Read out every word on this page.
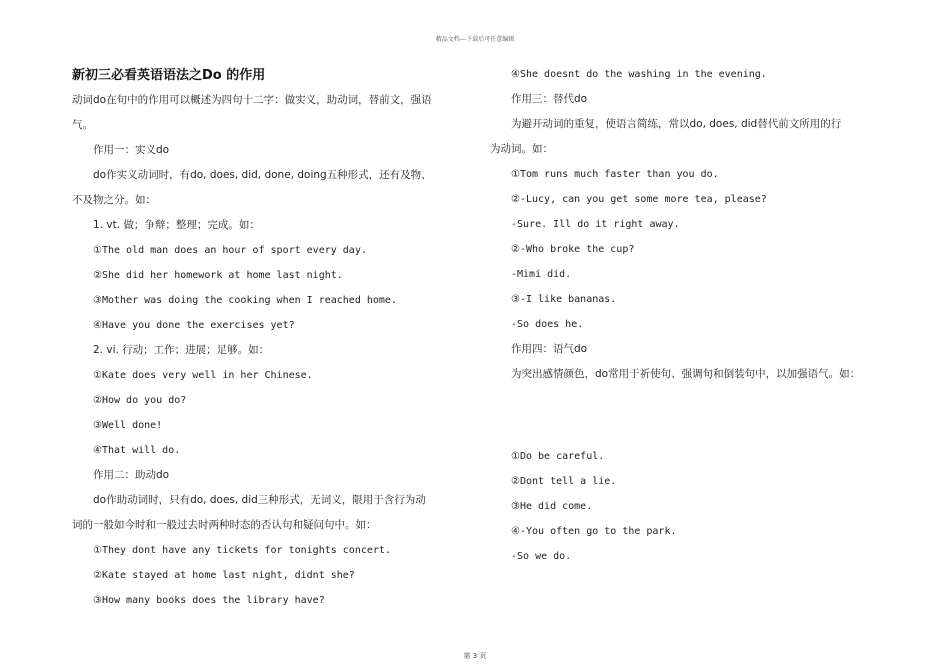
精品文档---下载后可任意编辑
新初三必看英语语法之Do 的作用

动词do在句中的作用可以概述为四句十二字：做实义，助动词，替前文，强语

气。

作用一：实义do

do作实义动词时，有do, does, did, done, doing五种形式，还有及物、

不及物之分。如：

1. vt. 做；争辩；整理；完成。如：

①The old man does an hour of sport every day.

②She did her homework at home last night.

③Mother was doing the cooking when I reached home.

④Have you done the exercises yet?

2. vi. 行动；工作；进展；足够。如：

①Kate does very well in her Chinese.

②How do you do?

③Well done!

④That will do.

作用二：助动do

do作助动词时，只有do, does, did三种形式，无词义，限用于含行为动

词的一般如今时和一般过去时两种时态的否认句和疑问句中。如：

①They dont have any tickets for tonights concert.

②Kate stayed at home last night, didnt she?

③How many books does the library have?

④She doesnt do the washing in the evening.

作用三：替代do

为避开动词的重复，使语言简练，常以do, does, did替代前文所用的行

为动词。如：

①Tom runs much faster than you do.

②-Lucy, can you get some more tea, please?

-Sure. Ill do it right away.

②-Who broke the cup?

-Mimi did.

③-I like bananas.

-So does he.

作用四：语气do

为突出感情颜色，do常用于祈使句、强调句和倒装句中，以加强语气。如：

①Do be careful.

②Dont tell a lie.

③He did come.

④-You often go to the park.

-So we do.

第 3 页
